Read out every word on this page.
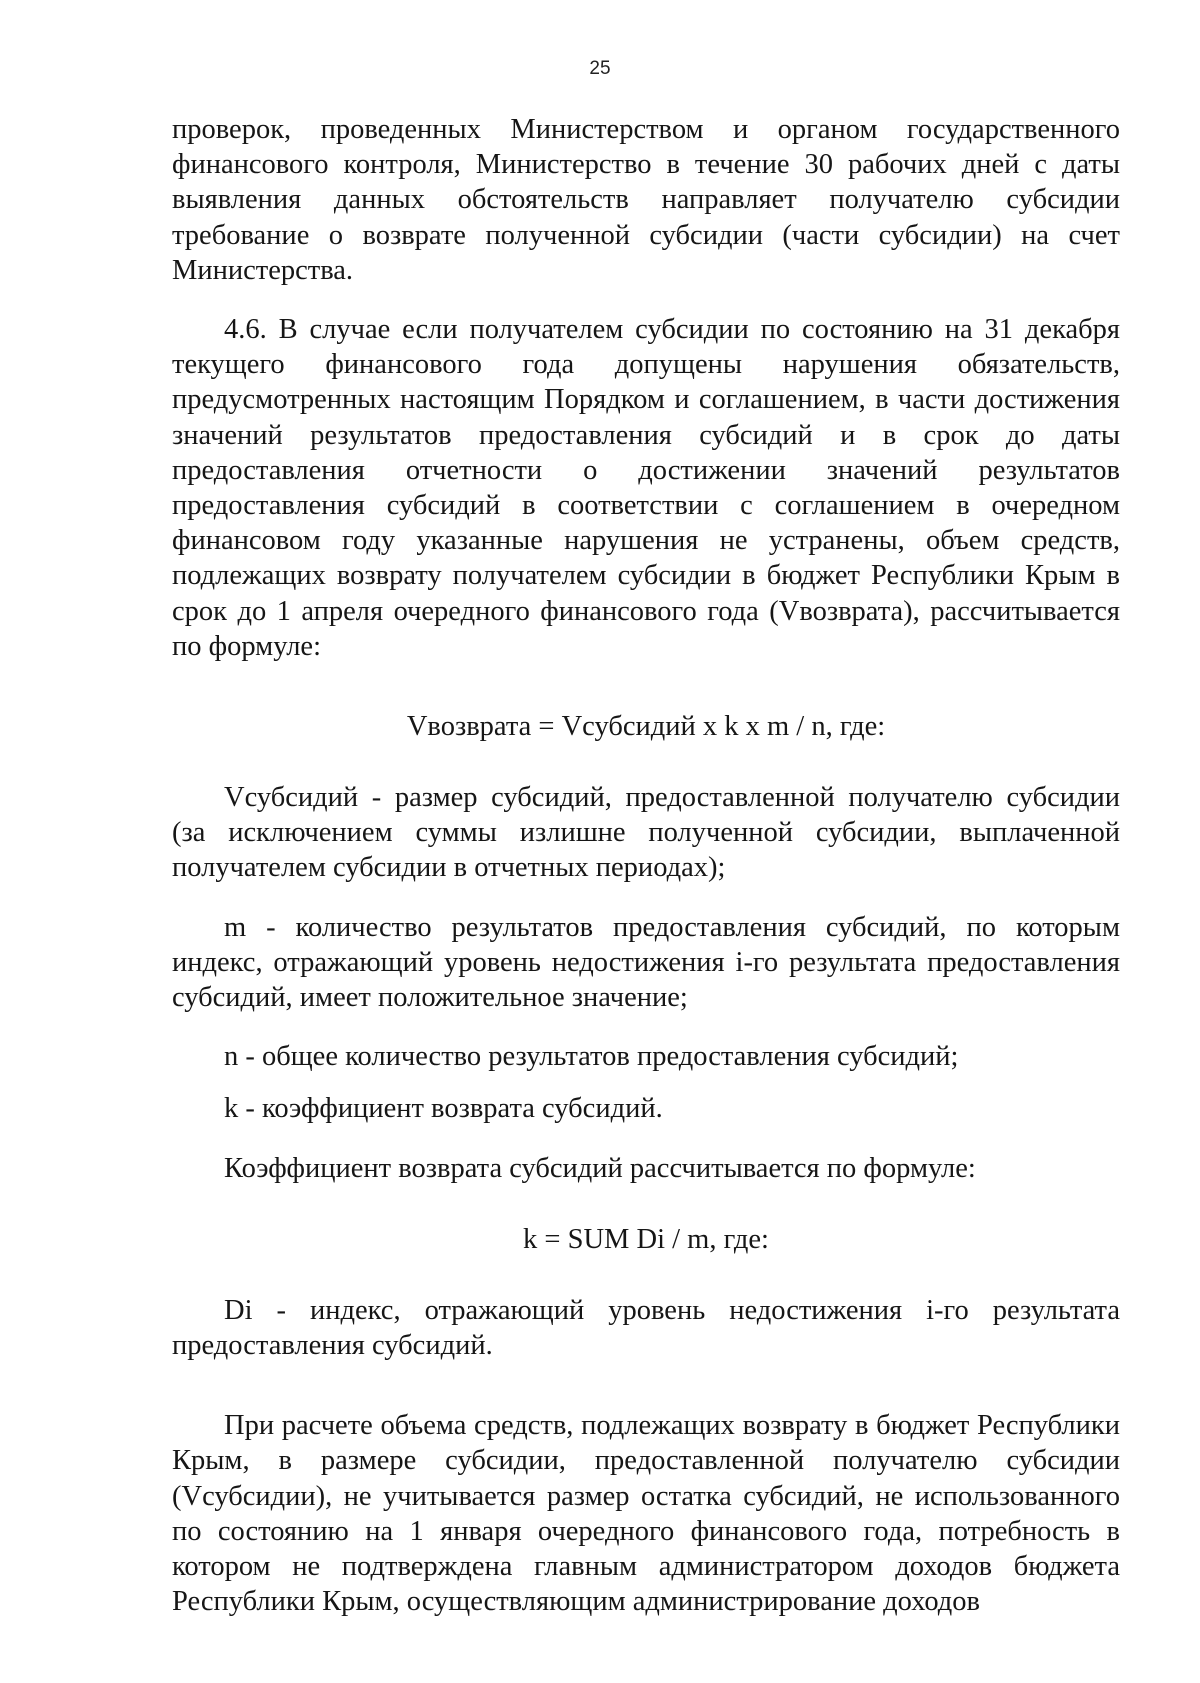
25

проверок, проведенных Министерством и органом государственного финансового контроля, Министерство в течение 30 рабочих дней с даты выявления данных обстоятельств направляет получателю субсидии требование о возврате полученной субсидии (части субсидии) на счет Министерства.

4.6. В случае если получателем субсидии по состоянию на 31 декабря текущего финансового года допущены нарушения обязательств, предусмотренных настоящим Порядком и соглашением, в части достижения значений результатов предоставления субсидий и в срок до даты предоставления отчетности о достижении значений результатов предоставления субсидий в соответствии с соглашением в очередном финансовом году указанные нарушения не устранены, объем средств, подлежащих возврату получателем субсидии в бюджет Республики Крым в срок до 1 апреля очередного финансового года (Vвозврата), рассчитывается по формуле:

Vвозврата = Vсубсидий x k x m / n, где:

Vсубсидий - размер субсидий, предоставленной получателю субсидии (за исключением суммы излишне полученной субсидии, выплаченной получателем субсидии в отчетных периодах);

m - количество результатов предоставления субсидий, по которым индекс, отражающий уровень недостижения i-го результата предоставления субсидий, имеет положительное значение;

n - общее количество результатов предоставления субсидий;

k - коэффициент возврата субсидий.

Коэффициент возврата субсидий рассчитывается по формуле:

k = SUM Di / m, где:

Di - индекс, отражающий уровень недостижения i-го результата предоставления субсидий.

При расчете объема средств, подлежащих возврату в бюджет Республики Крым, в размере субсидии, предоставленной получателю субсидии (Vсубсидии), не учитывается размер остатка субсидий, не использованного по состоянию на 1 января очередного финансового года, потребность в котором не подтверждена главным администратором доходов бюджета Республики Крым, осуществляющим администрирование доходов
